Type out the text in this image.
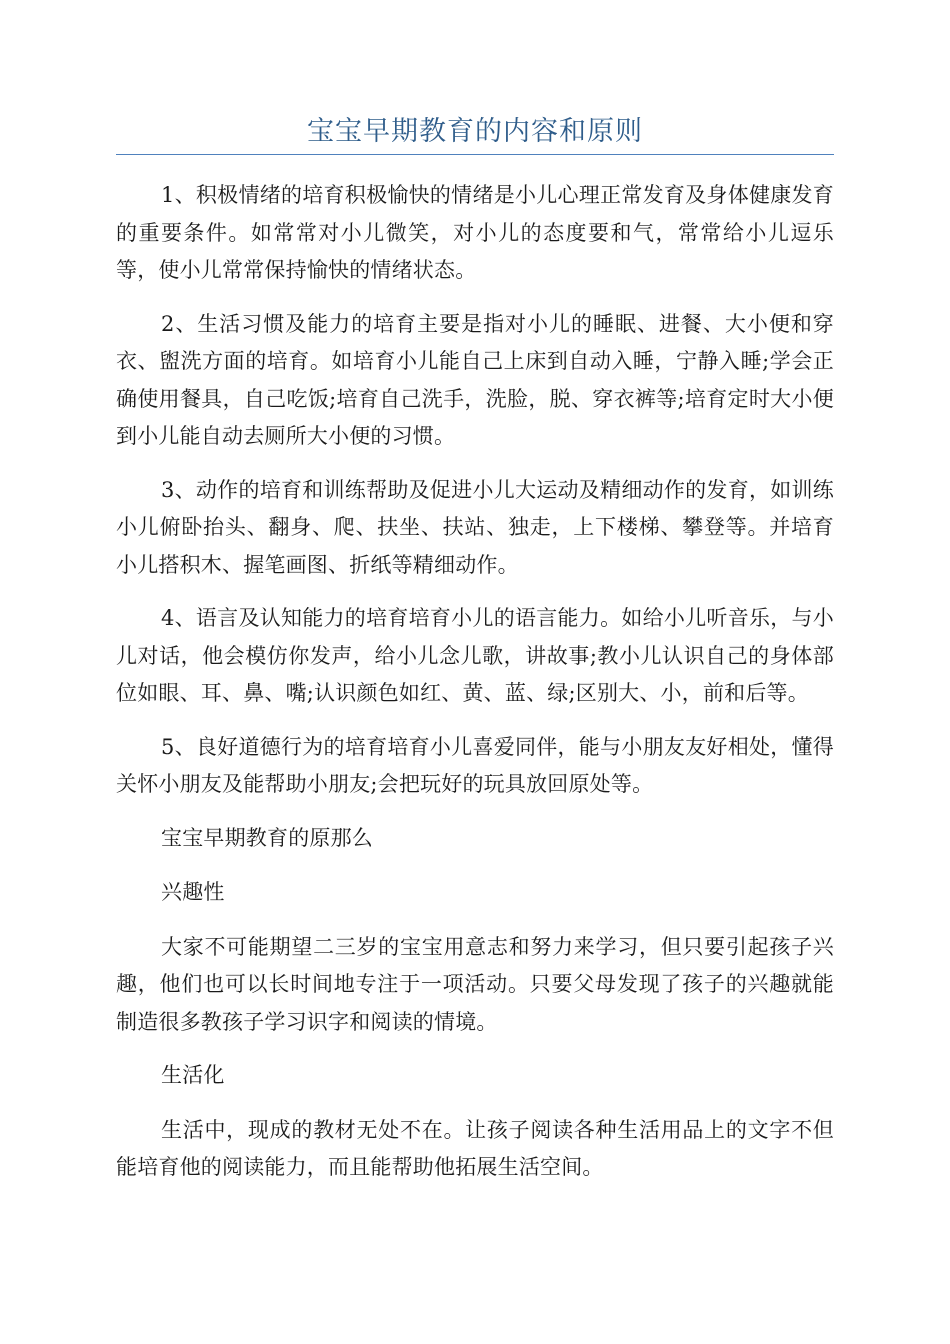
宝宝早期教育的内容和原则

1、积极情绪的培育积极愉快的情绪是小儿心理正常发育及身体健康发育的重要条件。如常常对小儿微笑，对小儿的态度要和气，常常给小儿逗乐等，使小儿常常保持愉快的情绪状态。

2、生活习惯及能力的培育主要是指对小儿的睡眠、进餐、大小便和穿衣、盥洗方面的培育。如培育小儿能自己上床到自动入睡，宁静入睡;学会正确使用餐具，自己吃饭;培育自己洗手，洗脸，脱、穿衣裤等;培育定时大小便到小儿能自动去厕所大小便的习惯。

3、动作的培育和训练帮助及促进小儿大运动及精细动作的发育，如训练小儿俯卧抬头、翻身、爬、扶坐、扶站、独走，上下楼梯、攀登等。并培育小儿搭积木、握笔画图、折纸等精细动作。

4、语言及认知能力的培育培育小儿的语言能力。如给小儿听音乐，与小儿对话，他会模仿你发声，给小儿念儿歌，讲故事;教小儿认识自己的身体部位如眼、耳、鼻、嘴;认识颜色如红、黄、蓝、绿;区别大、小，前和后等。

5、良好道德行为的培育培育小儿喜爱同伴，能与小朋友友好相处，懂得关怀小朋友及能帮助小朋友;会把玩好的玩具放回原处等。

宝宝早期教育的原那么

兴趣性

大家不可能期望二三岁的宝宝用意志和努力来学习，但只要引起孩子兴趣，他们也可以长时间地专注于一项活动。只要父母发现了孩子的兴趣就能制造很多教孩子学习识字和阅读的情境。

生活化

生活中，现成的教材无处不在。让孩子阅读各种生活用品上的文字不但能培育他的阅读能力，而且能帮助他拓展生活空间。
